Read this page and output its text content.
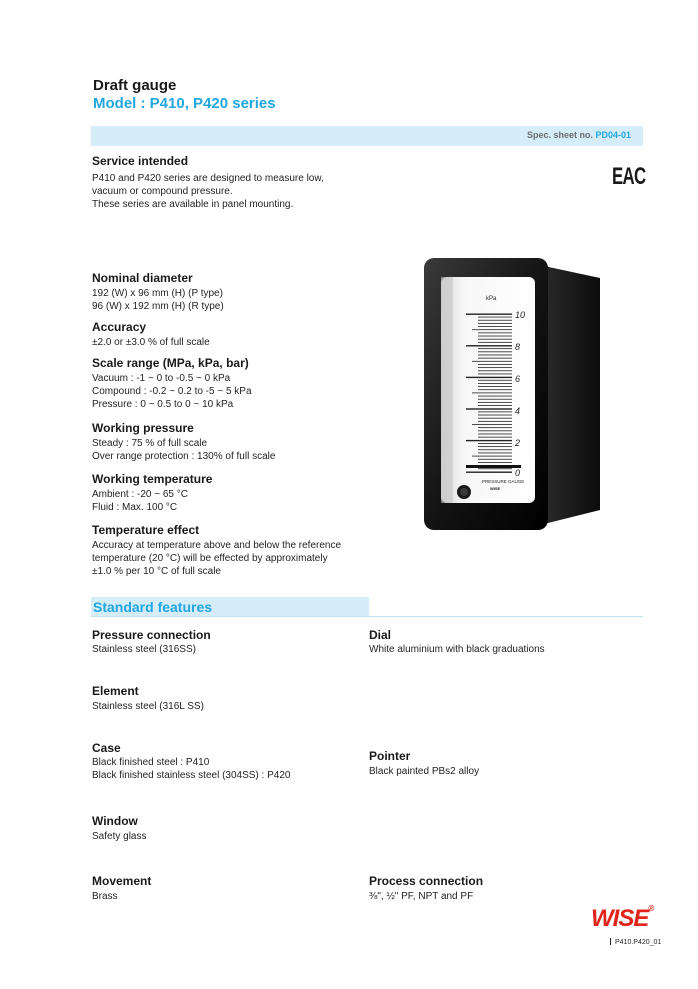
Draft gauge
Model : P410, P420 series
Spec. sheet no. PD04-01
EAC
Service intended
P410 and P420 series are designed to measure low,
vacuum or compound pressure.
These series are available in panel mounting.
Nominal diameter
192 (W) x 96 mm (H) (P type)
96 (W) x 192 mm (H) (R type)
Accuracy
±2.0 or ±3.0 % of full scale
Scale range (MPa, kPa, bar)
Vacuum : -1 ~ 0 to -0.5 ~ 0 kPa
Compound : -0.2 ~ 0.2 to -5 ~ 5 kPa
Pressure : 0 ~ 0.5 to 0 ~ 10 kPa
Working pressure
Steady : 75 % of full scale
Over range protection : 130% of full scale
Working temperature
Ambient : -20 ~ 65 °C
Fluid : Max. 100 °C
Temperature effect
Accuracy at temperature above and below the reference
temperature (20 °C) will be effected by approximately
±1.0 % per 10 °C of full scale
kPa
10
8
6
4
2
0
PRESSURE GAUGE
WISE
Standard features
Pressure connection
Stainless steel (316SS)
Element
Stainless steel (316L SS)
Case
Black finished steel : P410
Black finished stainless steel (304SS) : P420
Window
Safety glass
Movement
Brass
Dial
White aluminium with black graduations
Pointer
Black painted PBs2 alloy
Process connection
⅜", ½" PF, NPT and PF
WISE®
P410.P420_01
